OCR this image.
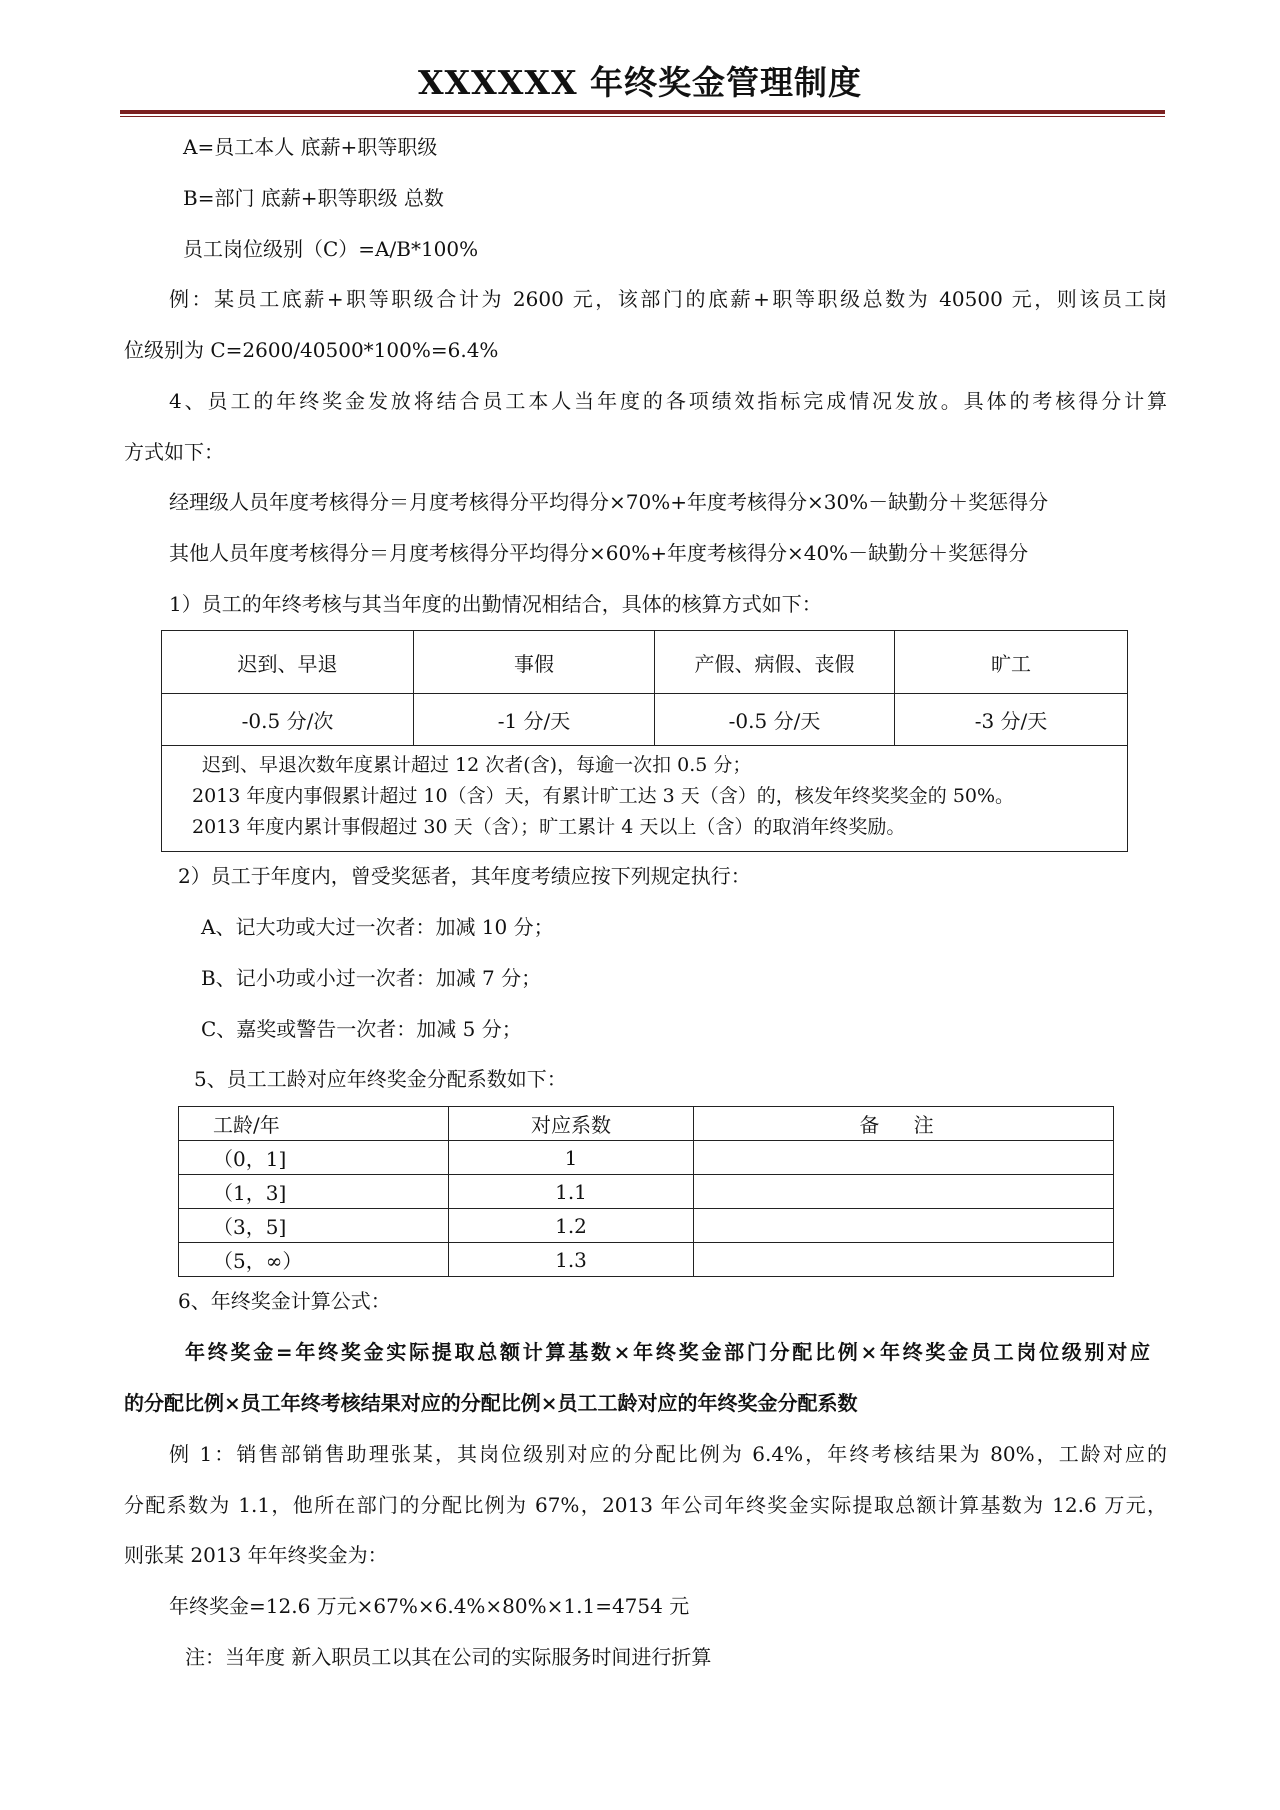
XXXXXX 年终奖金管理制度

A=员工本人 底薪+职等职级

B=部门 底薪+职等职级 总数

员工岗位级别（C）=A/B*100%

例：某员工底薪+职等职级合计为 2600 元，该部门的底薪+职等职级总数为 40500 元，则该员工岗

位级别为 C=2600/40500*100%=6.4%

4、员工的年终奖金发放将结合员工本人当年度的各项绩效指标完成情况发放。具体的考核得分计算

方式如下：

经理级人员年度考核得分＝月度考核得分平均得分×70%+年度考核得分×30%－缺勤分＋奖惩得分

其他人员年度考核得分＝月度考核得分平均得分×60%+年度考核得分×40%－缺勤分＋奖惩得分

1）员工的年终考核与其当年度的出勤情况相结合，具体的核算方式如下：

迟到、早退	事假	产假、病假、丧假	旷工
-0.5 分/次	-1 分/天	-0.5 分/天	-3 分/天

迟到、早退次数年度累计超过 12 次者(含)，每逾一次扣 0.5 分；
2013 年度内事假累计超过 10（含）天，有累计旷工达 3 天（含）的，核发年终奖奖金的 50%。
2013 年度内累计事假超过 30 天（含）；旷工累计 4 天以上（含）的取消年终奖励。			

2）员工于年度内，曾受奖惩者，其年度考绩应按下列规定执行：

A、记大功或大过一次者：加减 10 分；

B、记小功或小过一次者：加减 7 分；

C、嘉奖或警告一次者：加减 5 分；

5、员工工龄对应年终奖金分配系数如下：

工龄/年	对应系数	备 注
（0，1]	1	
（1，3]	1.1	
（3，5]	1.2	
（5，∞）	1.3	

6、年终奖金计算公式：

年终奖金=年终奖金实际提取总额计算基数×年终奖金部门分配比例×年终奖金员工岗位级别对应

的分配比例×员工年终考核结果对应的分配比例×员工工龄对应的年终奖金分配系数

例 1：销售部销售助理张某，其岗位级别对应的分配比例为 6.4%，年终考核结果为 80%，工龄对应的

分配系数为 1.1，他所在部门的分配比例为 67%，2013 年公司年终奖金实际提取总额计算基数为 12.6 万元，

则张某 2013 年年终奖金为：

年终奖金=12.6 万元×67%×6.4%×80%×1.1=4754 元

注：当年度 新入职员工以其在公司的实际服务时间进行折算
